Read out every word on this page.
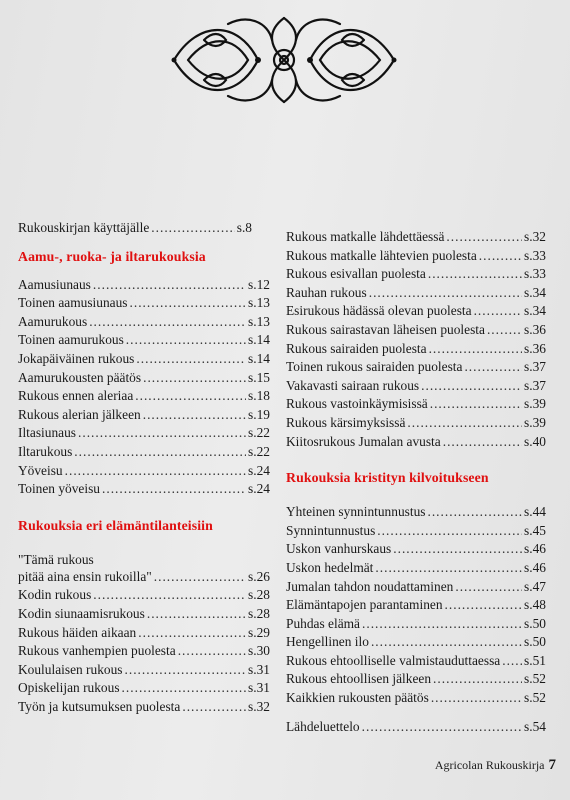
Rukouskirjan käyttäjälle .....	s.8
Aamu-, ruoka- ja iltarukouksia
Aamusiunaus .....	s.12
Toinen aamusiunaus .....	s.13
Aamurukous .....	s.13
Toinen aamurukous .....	s.14
Jokapäiväinen rukous .....	s.14
Aamurukousten päätös .....	s.15
Rukous ennen aleriaa .....	s.18
Rukous alerian jälkeen .....	s.19
Iltasiunaus .....	s.22
Iltarukous .....	s.22
Yöveisu .....	s.24
Toinen yöveisu .....	s.24
Rukouksia eri elämäntilanteisiin
"Tämä rukous
pitää aina ensin rukoilla" .....	s.26
Kodin rukous .....	s.28
Kodin siunaamisrukous .....	s.28
Rukous häiden aikaan .....	s.29
Rukous vanhempien puolesta .....	s.30
Koululaisen rukous .....	s.31
Opiskelijan rukous .....	s.31
Työn ja kutsumuksen puolesta .....	s.32
Rukous matkalle lähdettäessä .....	s.32
Rukous matkalle lähtevien puolesta .....	s.33
Rukous esivallan puolesta .....	s.33
Rauhan rukous .....	s.34
Esirukous hädässä olevan puolesta .....	s.34
Rukous sairastavan läheisen puolesta .....	s.36
Rukous sairaiden puolesta .....	s.36
Toinen rukous sairaiden puolesta .....	s.37
Vakavasti sairaan rukous .....	s.37
Rukous vastoinkäymisissä .....	s.39
Rukous kärsimyksissä .....	s.39
Kiitosrukous Jumalan avusta .....	s.40
Rukouksia kristityn kilvoitukseen
Yhteinen synnintunnustus .....	s.44
Synnintunnustus .....	s.45
Uskon vanhurskaus .....	s.46
Uskon hedelmät .....	s.46
Jumalan tahdon noudattaminen .....	s.47
Elämäntapojen parantaminen .....	s.48
Puhdas elämä .....	s.50
Hengellinen ilo .....	s.50
Rukous ehtoolliselle valmistauduttaessa ..... s.51
Rukous ehtoollisen jälkeen .....	s.52
Kaikkien rukousten päätös .....	s.52
Lähdeluettelo .....	s.54
Agricolan Rukouskirja 7
